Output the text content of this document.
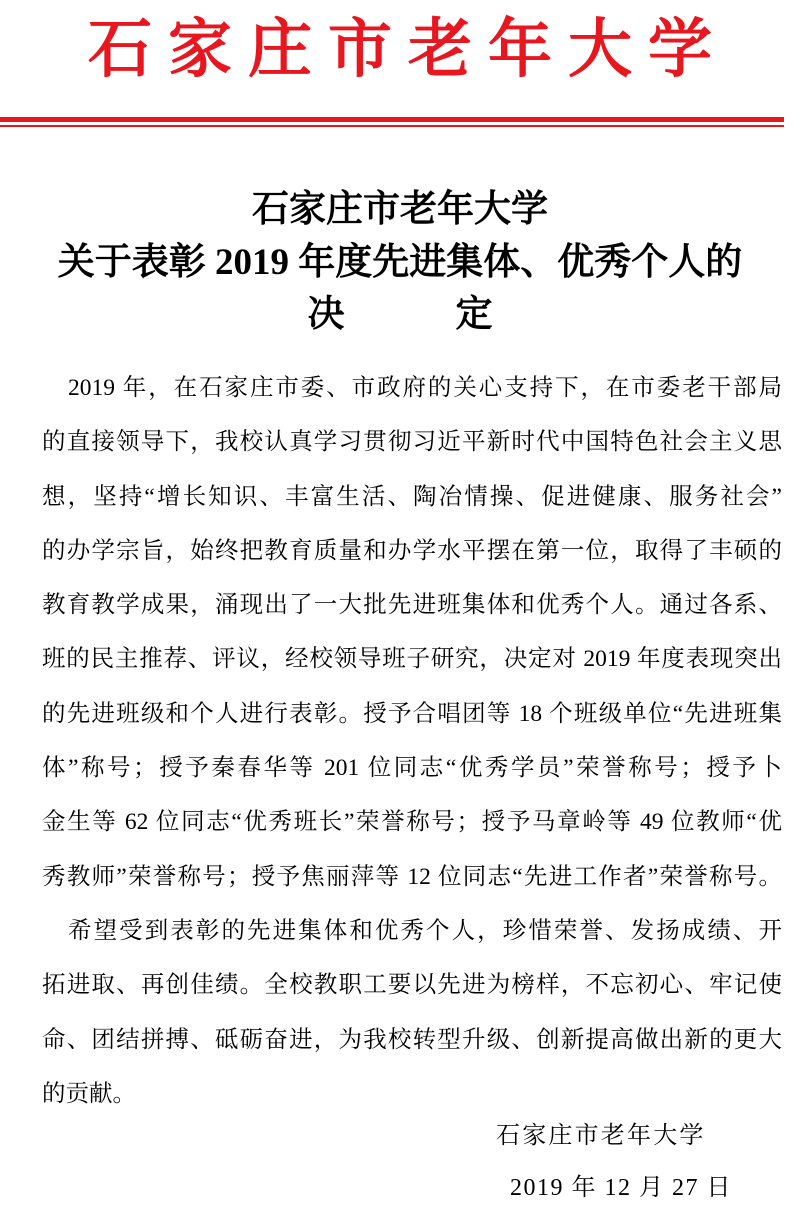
石家庄市老年大学
石家庄市老年大学
关于表彰 2019 年度先进集体、优秀个人的
决　　　定
2019 年，在石家庄市委、市政府的关心支持下，在市委老干部局
的直接领导下，我校认真学习贯彻习近平新时代中国特色社会主义思
想，坚持“增长知识、丰富生活、陶冶情操、促进健康、服务社会”
的办学宗旨，始终把教育质量和办学水平摆在第一位，取得了丰硕的
教育教学成果，涌现出了一大批先进班集体和优秀个人。通过各系、
班的民主推荐、评议，经校领导班子研究，决定对 2019 年度表现突出
的先进班级和个人进行表彰。授予合唱团等 18 个班级单位“先进班集
体”称号；授予秦春华等 201 位同志“优秀学员”荣誉称号；授予卜
金生等 62 位同志“优秀班长”荣誉称号；授予马章岭等 49 位教师“优
秀教师”荣誉称号；授予焦丽萍等 12 位同志“先进工作者”荣誉称号。
希望受到表彰的先进集体和优秀个人，珍惜荣誉、发扬成绩、开
拓进取、再创佳绩。全校教职工要以先进为榜样，不忘初心、牢记使
命、团结拼搏、砥砺奋进，为我校转型升级、创新提高做出新的更大
的贡献。
石家庄市老年大学
2019 年 12 月 27 日
